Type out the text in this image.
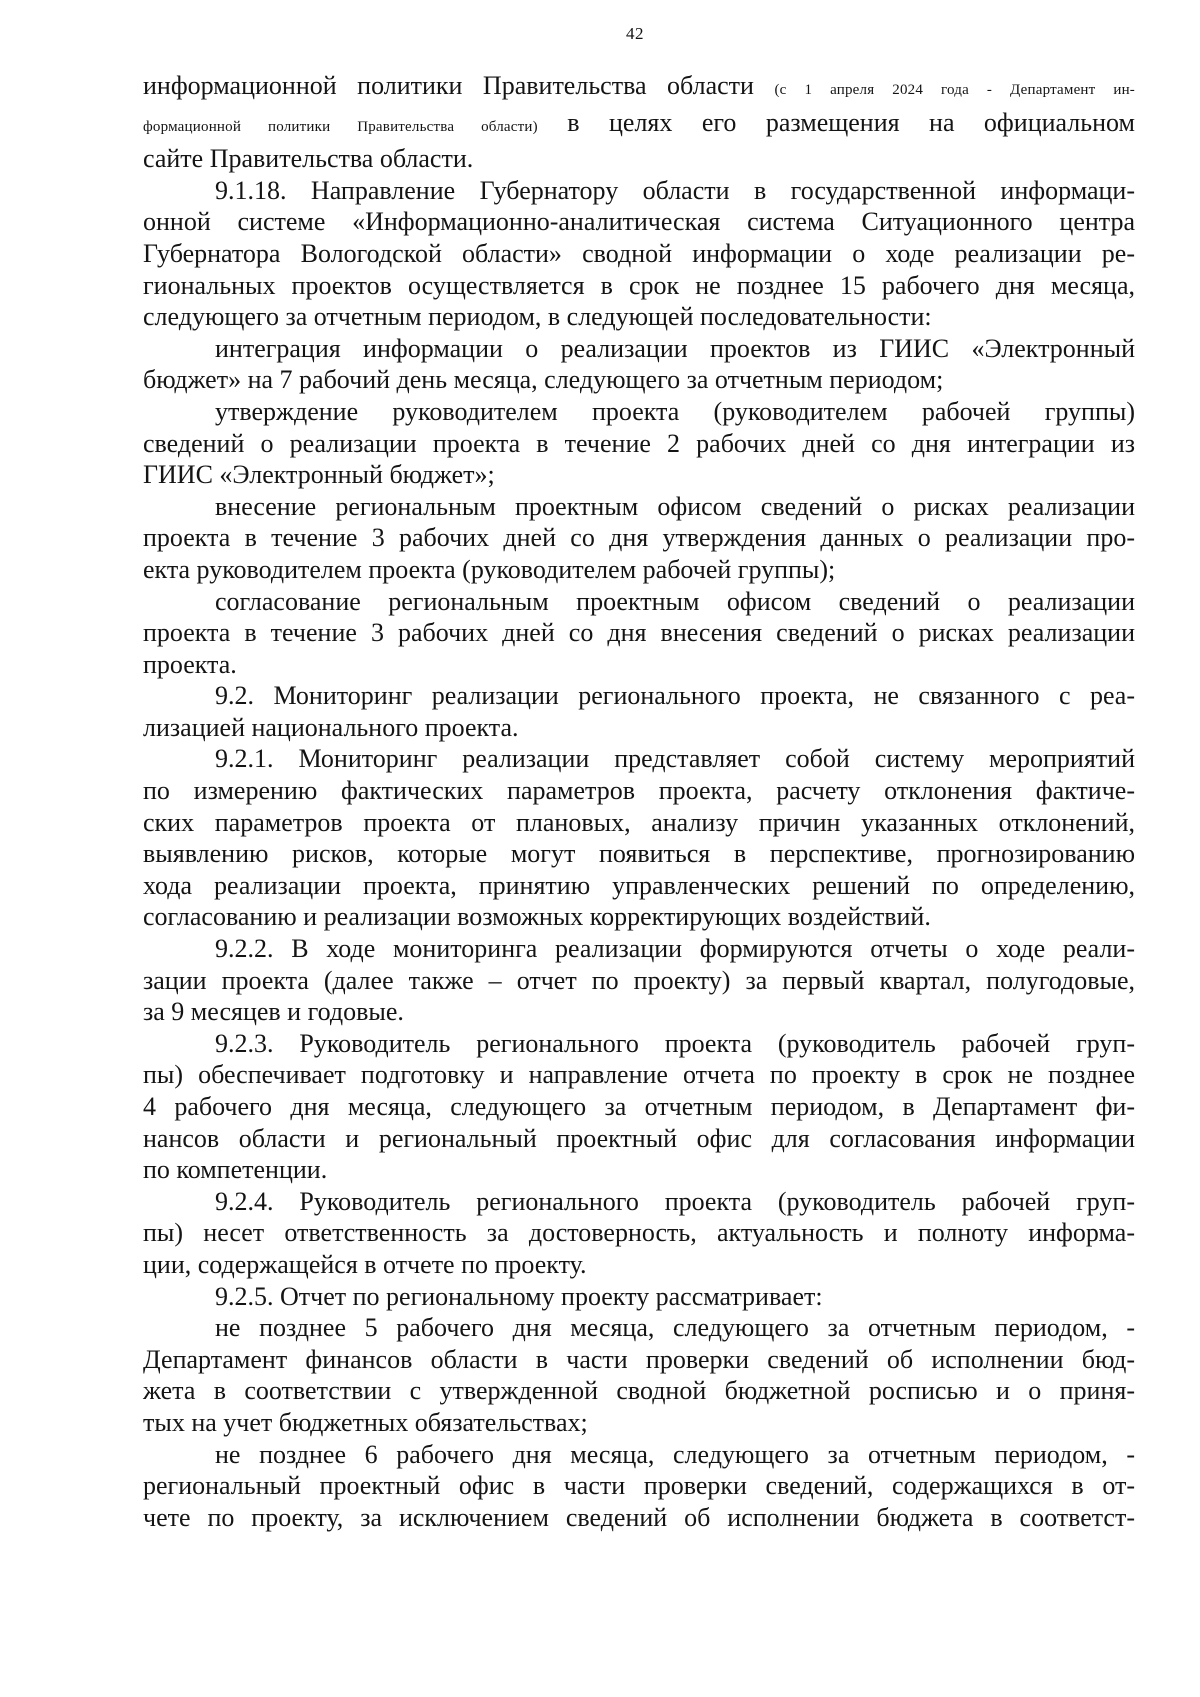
42

информационной политики Правительства области (с 1 апреля 2024 года - Департамент ин-

формационной политики Правительства области) в целях его размещения на официальном

сайте Правительства области.

9.1.18. Направление Губернатору области в государственной информаци-

онной системе «Информационно-аналитическая система Ситуационного центра

Губернатора Вологодской области» сводной информации о ходе реализации ре-

гиональных проектов осуществляется в срок не позднее 15 рабочего дня месяца,

следующего за отчетным периодом, в следующей последовательности:

интеграция информации о реализации проектов из ГИИС «Электронный

бюджет» на 7 рабочий день месяца, следующего за отчетным периодом;

утверждение руководителем проекта (руководителем рабочей группы)

сведений о реализации проекта в течение 2 рабочих дней со дня интеграции из

ГИИС «Электронный бюджет»;

внесение региональным проектным офисом сведений о рисках реализации

проекта в течение 3 рабочих дней со дня утверждения данных о реализации про-

екта руководителем проекта (руководителем рабочей группы);

согласование региональным проектным офисом сведений о реализации

проекта в течение 3 рабочих дней со дня внесения сведений о рисках реализации

проекта.

9.2. Мониторинг реализации регионального проекта, не связанного с реа-

лизацией национального проекта.

9.2.1. Мониторинг реализации представляет собой систему мероприятий

по измерению фактических параметров проекта, расчету отклонения фактиче-

ских параметров проекта от плановых, анализу причин указанных отклонений,

выявлению рисков, которые могут появиться в перспективе, прогнозированию

хода реализации проекта, принятию управленческих решений по определению,

согласованию и реализации возможных корректирующих воздействий.

9.2.2. В ходе мониторинга реализации формируются отчеты о ходе реали-

зации проекта (далее также – отчет по проекту) за первый квартал, полугодовые,

за 9 месяцев и годовые.

9.2.3. Руководитель регионального проекта (руководитель рабочей груп-

пы) обеспечивает подготовку и направление отчета по проекту в срок не позднее

4 рабочего дня месяца, следующего за отчетным периодом, в Департамент фи-

нансов области и региональный проектный офис для согласования информации

по компетенции.

9.2.4. Руководитель регионального проекта (руководитель рабочей груп-

пы) несет ответственность за достоверность, актуальность и полноту информа-

ции, содержащейся в отчете по проекту.

9.2.5. Отчет по региональному проекту рассматривает:

не позднее 5 рабочего дня месяца, следующего за отчетным периодом, -

Департамент финансов области в части проверки сведений об исполнении бюд-

жета в соответствии с утвержденной сводной бюджетной росписью и о приня-

тых на учет бюджетных обязательствах;

не позднее 6 рабочего дня месяца, следующего за отчетным периодом, -

региональный проектный офис в части проверки сведений, содержащихся в от-

чете по проекту, за исключением сведений об исполнении бюджета в соответст-
